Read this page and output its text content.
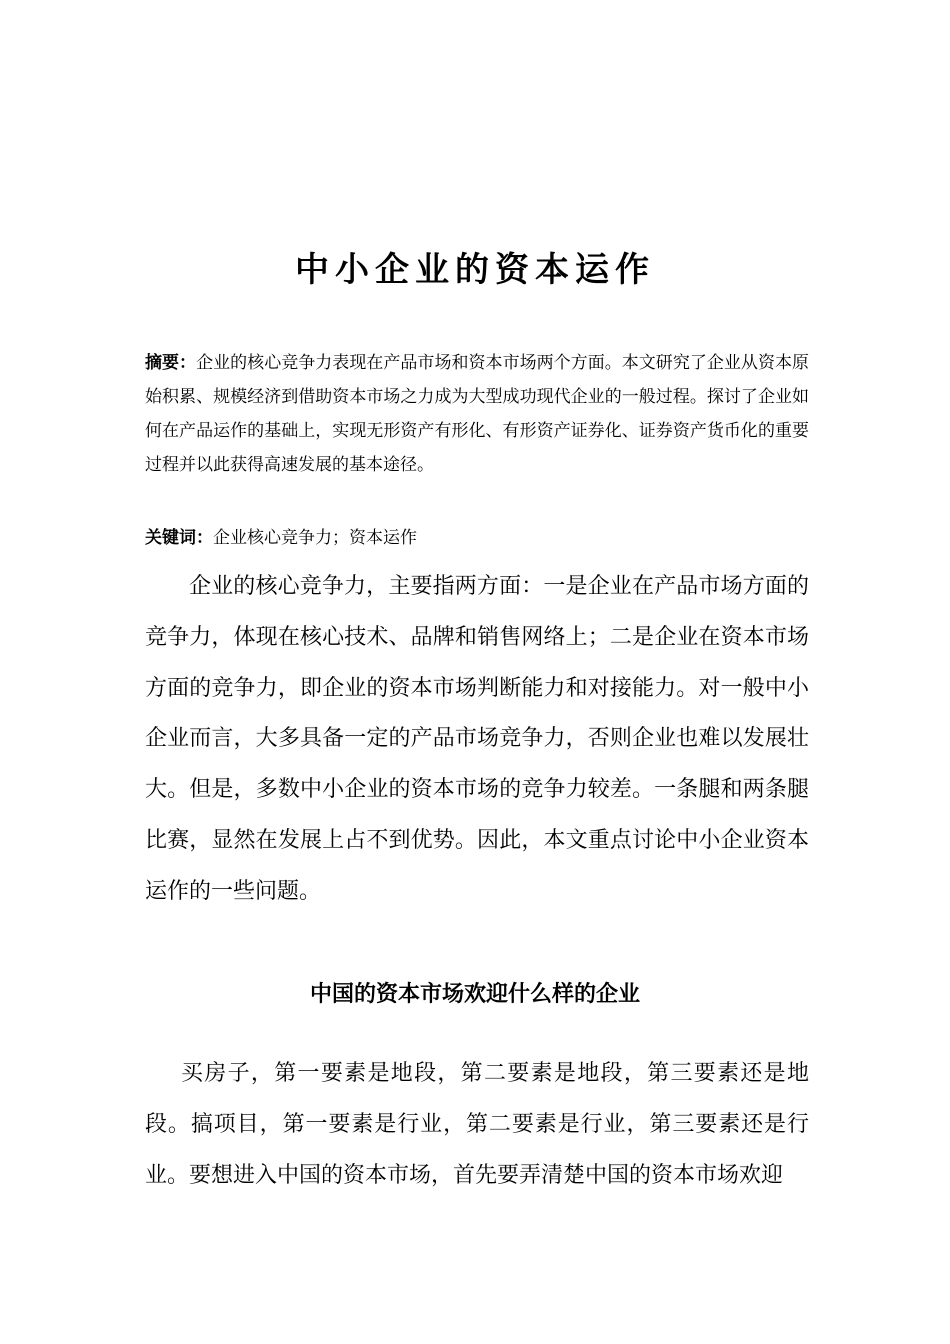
中小企业的资本运作
摘要：企业的核心竞争力表现在产品市场和资本市场两个方面。本文研究了企业从资本原始积累、规模经济到借助资本市场之力成为大型成功现代企业的一般过程。探讨了企业如何在产品运作的基础上，实现无形资产有形化、有形资产证券化、证券资产货币化的重要过程并以此获得高速发展的基本途径。
关键词：企业核心竞争力；资本运作
企业的核心竞争力，主要指两方面：一是企业在产品市场方面的竞争力，体现在核心技术、品牌和销售网络上；二是企业在资本市场方面的竞争力，即企业的资本市场判断能力和对接能力。对一般中小企业而言，大多具备一定的产品市场竞争力，否则企业也难以发展壮大。但是，多数中小企业的资本市场的竞争力较差。一条腿和两条腿比赛，显然在发展上占不到优势。因此，本文重点讨论中小企业资本运作的一些问题。
中国的资本市场欢迎什么样的企业
买房子，第一要素是地段，第二要素是地段，第三要素还是地段。搞项目，第一要素是行业，第二要素是行业，第三要素还是行业。要想进入中国的资本市场，首先要弄清楚中国的资本市场欢迎
